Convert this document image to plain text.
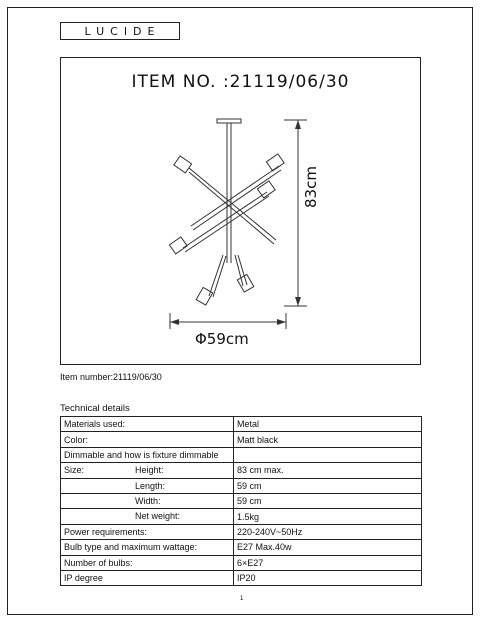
LUCIDE
ITEM NO. :21119/06/30
Φ59cm
83cm
Item number:21119/06/30
Technical details
Materials used:	Metal
Color:	Matt black
Dimmable and how is fixture dimmable	
Size: Height:	83 cm max.

Length:	59 cm

Width:	59 cm

Net weight:	1.5kg
Power requirements:	220-240V~50Hz
Bulb type and maximum wattage:	E27 Max.40w
Number of bulbs:	6×E27
IP degree	IP20
1
